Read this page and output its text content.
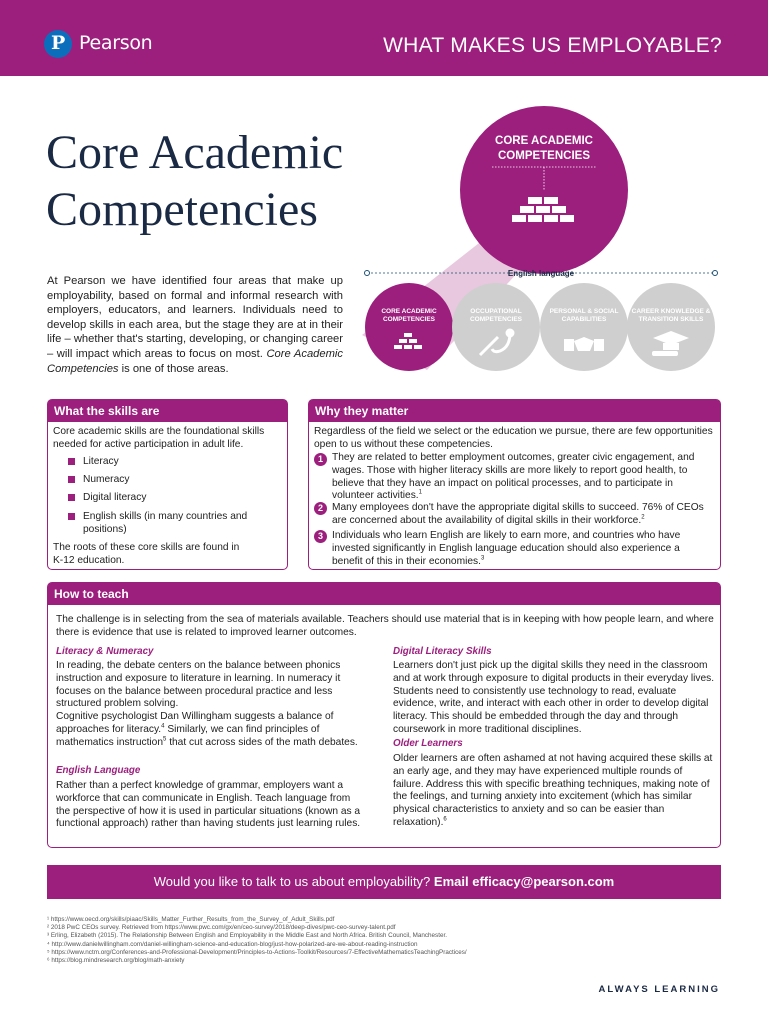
P Pearson	WHAT MAKES US EMPLOYABLE?
Core Academic
Competencies
At Pearson we have identified four areas that make up employability, based on formal and informal research with employers, educators, and learners. Individuals need to develop skills in each area, but the stage they are at in their life – whether that's starting, developing, or changing career – will impact which areas to focus on most. Core Academic Competencies is one of those areas.
CORE ACADEMIC
COMPETENCIES
English language
CORE ACADEMIC
COMPETENCIES
OCCUPATIONAL
COMPETENCIES
PERSONAL & SOCIAL
CAPABILITIES
CAREER KNOWLEDGE &
TRANSITION SKILLS
What the skills are
Core academic skills are the foundational skills needed for active participation in adult life.
Literacy
Numeracy
Digital literacy
English skills (in many countries and
positions)
The roots of these core skills are found in
K-12 education.
Why they matter
Regardless of the field we select or the education we pursue, there are few opportunities open to us without these competencies.
1 They are related to better employment outcomes, greater civic engagement, and wages. Those with higher literacy skills are more likely to report good health, to believe that they have an impact on political processes, and to participate in volunteer activities.$^1$
2 Many employees don't have the appropriate digital skills to succeed. 76% of CEOs are concerned about the availability of digital skills in their workforce.$^2$
3 Individuals who learn English are likely to earn more, and countries who have invested significantly in English language education should also experience a benefit of this in their economies.$^3$
How to teach
The challenge is in selecting from the sea of materials available. Teachers should use material that is in keeping with how people learn, and where there is evidence that use is related to improved learner outcomes.
Literacy & Numeracy
In reading, the debate centers on the balance between phonics instruction and exposure to literature in learning. In numeracy it focuses on the balance between procedural practice and less structured problem solving.
Cognitive psychologist Dan Willingham suggests a balance of approaches for literacy.$^4$ Similarly, we can find principles of mathematics instruction$^5$ that cut across sides of the math debates.
English Language
Rather than a perfect knowledge of grammar, employers want a workforce that can communicate in English. Teach language from the perspective of how it is used in particular situations (known as a functional approach) rather than having students just learning rules.
Digital Literacy Skills
Learners don't just pick up the digital skills they need in the classroom and at work through exposure to digital products in their everyday lives. Students need to consistently use technology to read, evaluate evidence, write, and interact with each other in order to develop digital literacy. This should be embedded through the day and through coursework in more traditional disciplines.
Older Learners
Older learners are often ashamed at not having acquired these skills at an early age, and they may have experienced multiple rounds of failure. Address this with specific breathing techniques, making note of the feelings, and turning anxiety into excitement (which has similar physical characteristics to anxiety and so can be easier than relaxation).$^6$
Would you like to talk to us about employability? Email efficacy@pearson.com
¹ https://www.oecd.org/skills/piaac/Skills_Matter_Further_Results_from_the_Survey_of_Adult_Skills.pdf
² 2018 PwC CEOs survey. Retrieved from https://www.pwc.com/gx/en/ceo-survey/2018/deep-dives/pwc-ceo-survey-talent.pdf
³ Erling, Elizabeth (2015). The Relationship Between English and Employability in the Middle East and North Africa. British Council, Manchester.
⁴ http://www.danielwillingham.com/daniel-willingham-science-and-education-blog/just-how-polarized-are-we-about-reading-instruction
⁵ https://www.nctm.org/Conferences-and-Professional-Development/Principles-to-Actions-Toolkit/Resources/7-EffectiveMathematicsTeachingPractices/
⁶ https://blog.mindresearch.org/blog/math-anxiety
ALWAYS LEARNING
